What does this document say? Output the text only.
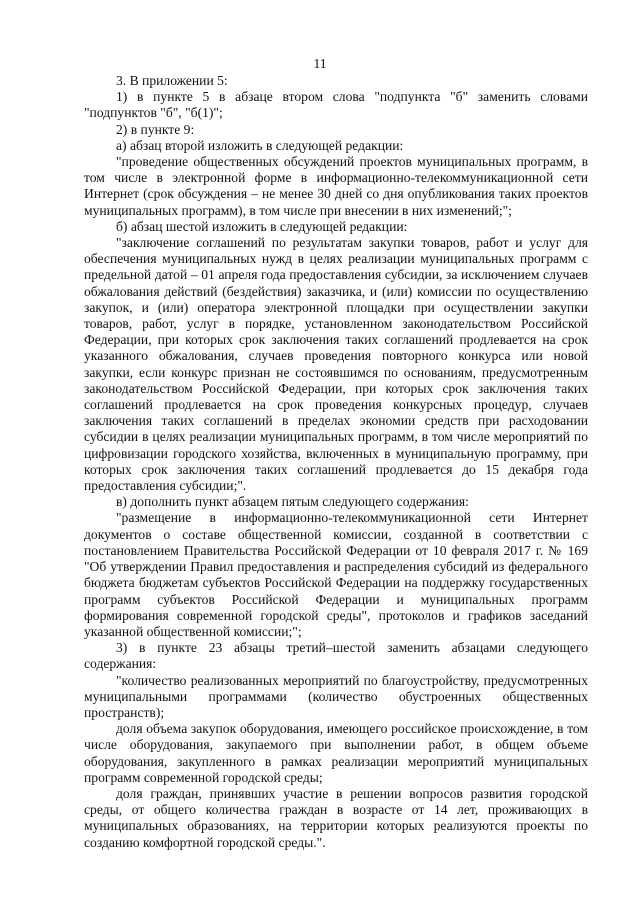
11

3. В приложении 5:

1) в пункте 5 в абзаце втором слова "подпункта "б" заменить словами "подпунктов "б", "б(1)";

2) в пункте 9:

а) абзац второй изложить в следующей редакции:

"проведение общественных обсуждений проектов муниципальных программ, в том числе в электронной форме в информационно-телекоммуникационной сети Интернет (срок обсуждения – не менее 30 дней со дня опубликования таких проектов муниципальных программ), в том числе при внесении в них изменений;";

б) абзац шестой изложить в следующей редакции:

"заключение соглашений по результатам закупки товаров, работ и услуг для обеспечения муниципальных нужд в целях реализации муниципальных программ с предельной датой – 01 апреля года предоставления субсидии, за исключением случаев обжалования действий (бездействия) заказчика, и (или) комиссии по осуществлению закупок, и (или) оператора электронной площадки при осуществлении закупки товаров, работ, услуг в порядке, установленном законодательством Российской Федерации, при которых срок заключения таких соглашений продлевается на срок указанного обжалования, случаев проведения повторного конкурса или новой закупки, если конкурс признан не состоявшимся по основаниям, предусмотренным законодательством Российской Федерации, при которых срок заключения таких соглашений продлевается на срок проведения конкурсных процедур, случаев заключения таких соглашений в пределах экономии средств при расходовании субсидии в целях реализации муниципальных программ, в том числе мероприятий по цифровизации городского хозяйства, включенных в муниципальную программу, при которых срок заключения таких соглашений продлевается до 15 декабря года предоставления субсидии;".

в) дополнить пункт абзацем пятым следующего содержания:

"размещение в информационно-телекоммуникационной сети Интернет документов о составе общественной комиссии, созданной в соответствии с постановлением Правительства Российской Федерации от 10 февраля 2017 г. № 169 "Об утверждении Правил предоставления и распределения субсидий из федерального бюджета бюджетам субъектов Российской Федерации на поддержку государственных программ субъектов Российской Федерации и муниципальных программ формирования современной городской среды", протоколов и графиков заседаний указанной общественной комиссии;";

3) в пункте 23 абзацы третий–шестой заменить абзацами следующего содержания:

"количество реализованных мероприятий по благоустройству, предусмотренных муниципальными программами (количество обустроенных общественных пространств);

доля объема закупок оборудования, имеющего российское происхождение, в том числе оборудования, закупаемого при выполнении работ, в общем объеме оборудования, закупленного в рамках реализации мероприятий муниципальных программ современной городской среды;

доля граждан, принявших участие в решении вопросов развития городской среды, от общего количества граждан в возрасте от 14 лет, проживающих в муниципальных образованиях, на территории которых реализуются проекты по созданию комфортной городской среды.".
